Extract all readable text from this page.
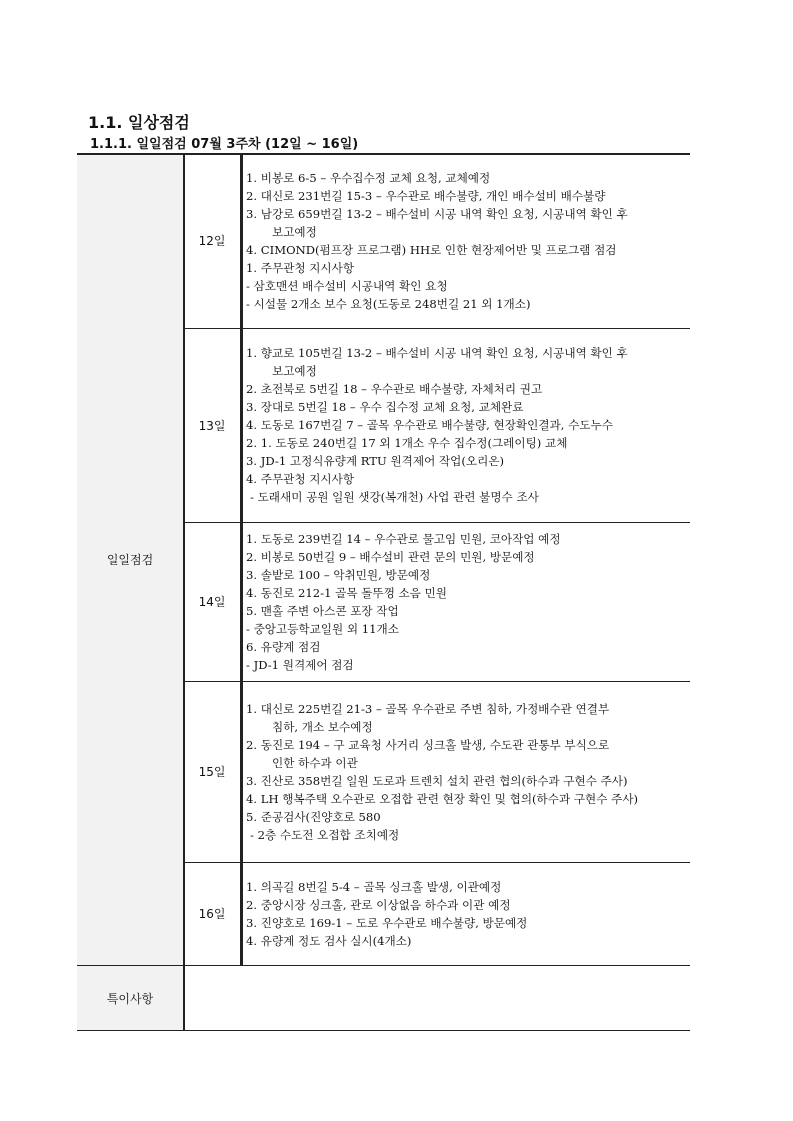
1.1. 일상점검
1.1.1. 일일점검 07월 3주차 (12일 ~ 16일)
일일점검
특이사항
12일
1. 비봉로 6-5 – 우수집수정 교체 요청, 교체예정
2. 대신로 231번길 15-3 – 우수관로 배수불량, 개인 배수설비 배수불량
3. 남강로 659번길 13-2 – 배수설비 시공 내역 확인 요청, 시공내역 확인 후
보고예정
4. CIMOND(펌프장 프로그램) HH로 인한 현장제어반 및 프로그램 점검
1. 주무관청 지시사항
- 삼호맨션 배수설비 시공내역 확인 요청
- 시설물 2개소 보수 요청(도동로 248번길 21 외 1개소)
13일
1. 향교로 105번길 13-2 – 배수설비 시공 내역 확인 요청, 시공내역 확인 후
보고예정
2. 초전북로 5번길 18 – 우수관로 배수불량, 자체처리 권고
3. 장대로 5번길 18 – 우수 집수정 교체 요청, 교체완료
4. 도동로 167번길 7 – 골목 우수관로 배수불량, 현장확인결과, 수도누수
2. 1. 도동로 240번길 17 외 1개소 우수 집수정(그레이팅) 교체
3. JD-1 고정식유량계 RTU 원격제어 작업(오리온)
4. 주무관청 지시사항
- 도래새미 공원 일원 샛강(복개천) 사업 관련 불명수 조사
14일
1. 도동로 239번길 14 – 우수관로 물고임 민원, 코아작업 예정
2. 비봉로 50번길 9 – 배수설비 관련 문의 민원, 방문예정
3. 솔밭로 100 – 악취민원, 방문예정
4. 동진로 212-1 골목 돌뚜껑 소음 민원
5. 맨홀 주변 아스콘 포장 작업
- 중앙고등학교일원 외 11개소
6. 유량계 점검
- JD-1 원격제어 점검
15일
1. 대신로 225번길 21-3 – 골목 우수관로 주변 침하, 가정배수관 연결부
침하, 개소 보수예정
2. 동진로 194 – 구 교육청 사거리 싱크홀 발생, 수도관 관통부 부식으로
인한 하수과 이관
3. 진산로 358번길 일원 도로과 트렌치 설치 관련 협의(하수과 구현수 주사)
4. LH 행복주택 오수관로 오접합 관련 현장 확인 및 협의(하수과 구현수 주사)
5. 준공검사(진양호로 580
- 2층 수도전 오접합 조치예정
16일
1. 의곡길 8번길 5-4 – 골목 싱크홀 발생, 이관예정
2. 중앙시장 싱크홀, 관로 이상없음 하수과 이관 예정
3. 진양호로 169-1 – 도로 우수관로 배수불량, 방문예정
4. 유량계 정도 검사 실시(4개소)
